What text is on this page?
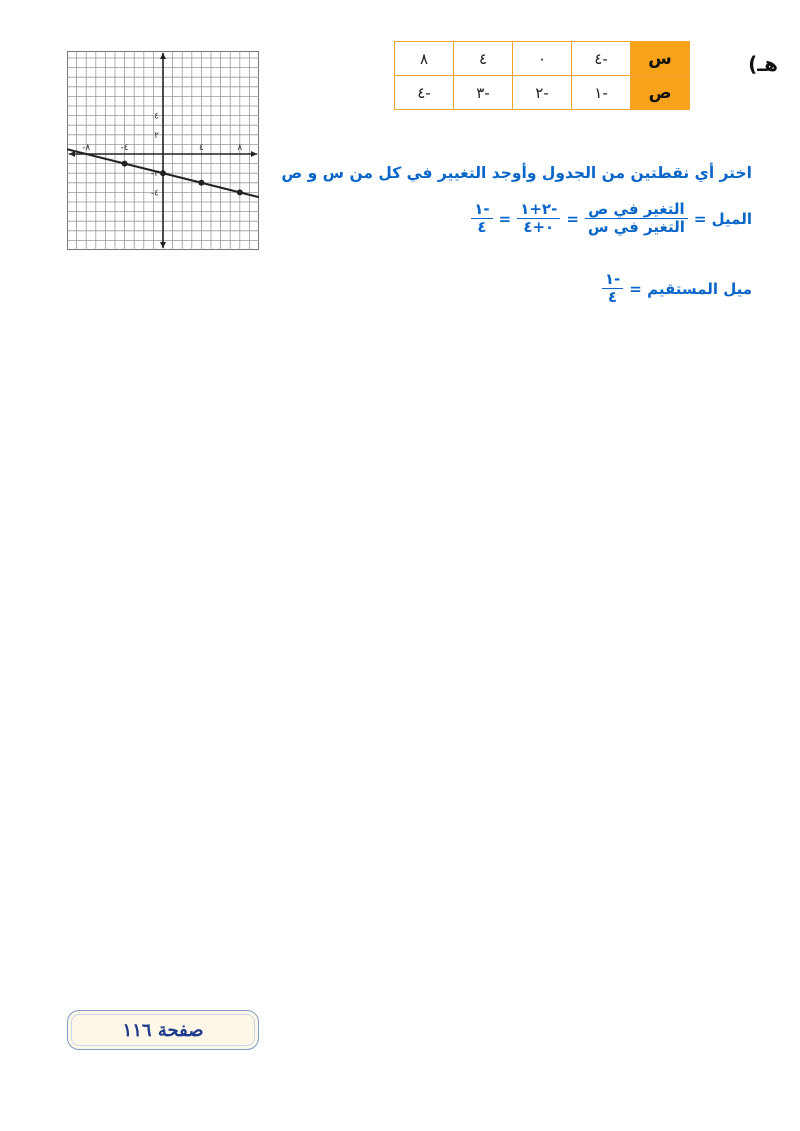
هـ)
س	-٤	٠	٤	٨
ص	-١	-٢	-٣	-٤
-٨	-٤	٤	٨
٤
٢
-٢
-٤
اختر أي نقطتين من الجدول وأوجد التغيير في كل من س و ص
الميل =
$\frac{\text{التغير في ص}}{\text{التغير في س}}$
=
$\frac{-٢+١}{٠+٤}$
=
$\frac{-١}{٤}$
ميل المستقيم =
$\frac{-١}{٤}$
صفحة ١١٦
